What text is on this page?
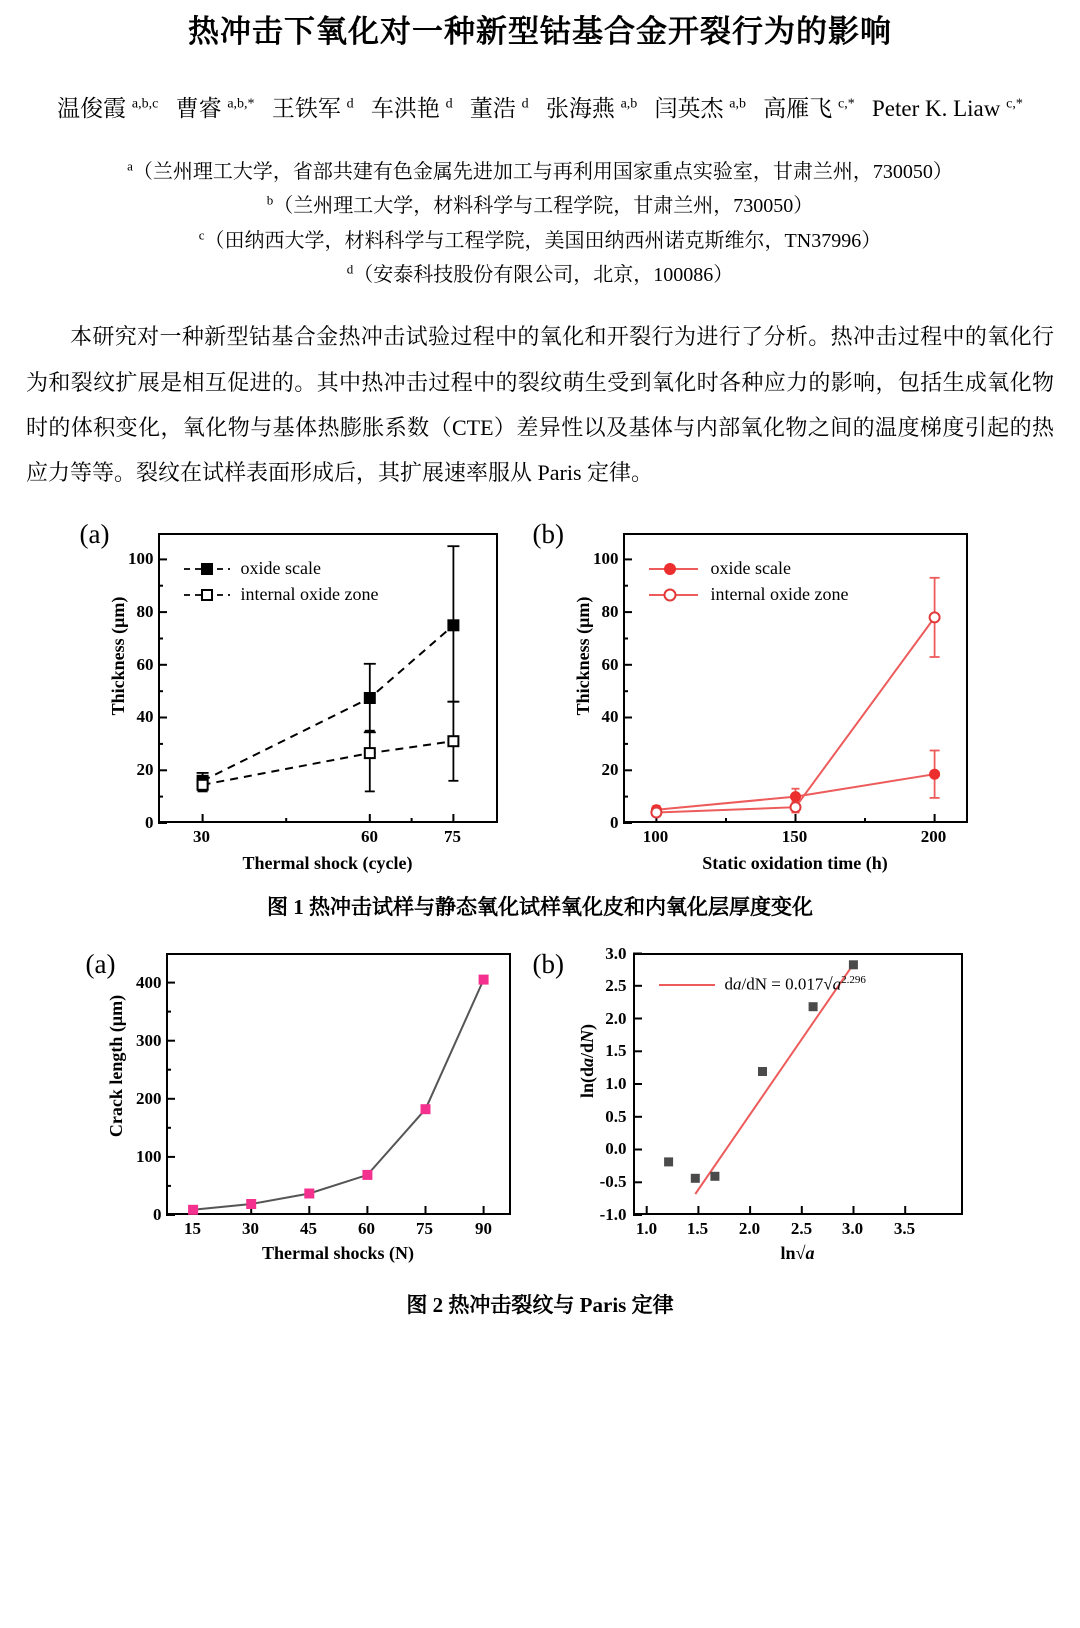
热冲击下氧化对一种新型钴基合金开裂行为的影响
温俊霞 $^{a,b,c}$ 曹睿 $^{a,b,*}$ 王铁军 $^d$ 车洪艳 $^d$ 董浩 $^d$ 张海燕 $^{a,b}$ 闫英杰 $^{a,b}$ 高雁飞 $^{c,*}$ Peter K. Liaw $^{c,*}$

$^a$（兰州理工大学，省部共建有色金属先进加工与再利用国家重点实验室，甘肃兰州，730050）

$^b$（兰州理工大学，材料科学与工程学院，甘肃兰州，730050）

$^c$（田纳西大学，材料科学与工程学院，美国田纳西州诺克斯维尔，TN37996）

$^d$（安泰科技股份有限公司，北京，100086）

本研究对一种新型钴基合金热冲击试验过程中的氧化和开裂行为进行了分析。热冲击过程中的氧化行为和裂纹扩展是相互促进的。其中热冲击过程中的裂纹萌生受到氧化时各种应力的影响，包括生成氧化物时的体积变化，氧化物与基体热膨胀系数（CTE）差异性以及基体与内部氧化物之间的温度梯度引起的热应力等等。裂纹在试样表面形成后，其扩展速率服从 Paris 定律。
(a)
oxide scale
internal oxide zone
0
20
40
60
80
100
30	60	75
Thermal shock (cycle)
Thickness (μm)
(b)
oxide scale
internal oxide zone
0
20
40
60
80
100
100	150	200
Static oxidation time (h)
Thickness (μm)
图 1 热冲击试样与静态氧化试样氧化皮和内氧化层厚度变化
(a)
0
100
200
300
400
15	30	45	60	75	90
Thermal shocks (N)
Crack length (μm)
(b)
$da/dN = 0.017√a^{2.296}$
-1.0
-0.5
0.0
0.5
1.0
1.5
2.0
2.5
3.0
1.0	1.5	2.0	2.5	3.0	3.5
ln√a
ln(da/dN)
图 2 热冲击裂纹与 Paris 定律
